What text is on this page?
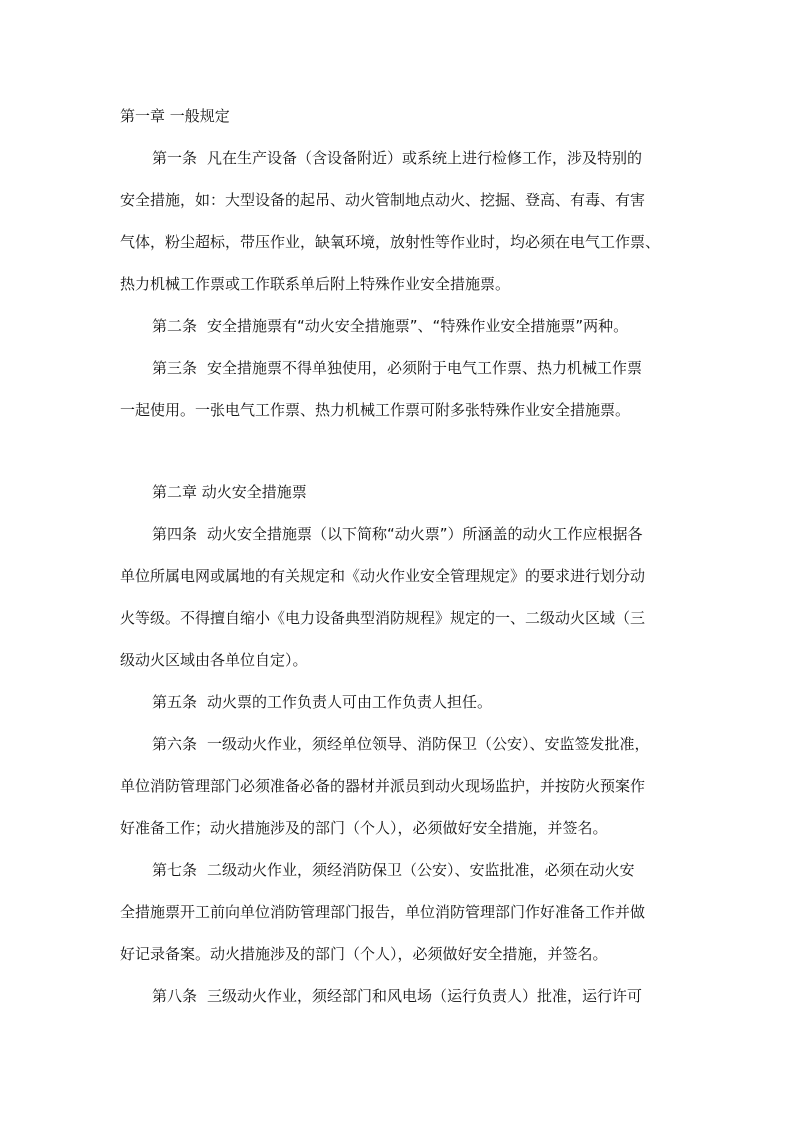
第一章 一般规定
第一条 凡在生产设备（含设备附近）或系统上进行检修工作，涉及特别的
安全措施，如：大型设备的起吊、动火管制地点动火、挖掘、登高、有毒、有害
气体，粉尘超标，带压作业，缺氧环境，放射性等作业时，均必须在电气工作票、
热力机械工作票或工作联系单后附上特殊作业安全措施票。
第二条 安全措施票有“动火安全措施票”、“特殊作业安全措施票”两种。
第三条 安全措施票不得单独使用，必须附于电气工作票、热力机械工作票
一起使用。一张电气工作票、热力机械工作票可附多张特殊作业安全措施票。
第二章 动火安全措施票
第四条 动火安全措施票（以下简称“动火票”）所涵盖的动火工作应根据各
单位所属电网或属地的有关规定和《动火作业安全管理规定》的要求进行划分动
火等级。不得擅自缩小《电力设备典型消防规程》规定的一、二级动火区域（三
级动火区域由各单位自定）。
第五条 动火票的工作负责人可由工作负责人担任。
第六条 一级动火作业，须经单位领导、消防保卫（公安）、安监签发批准，
单位消防管理部门必须准备必备的器材并派员到动火现场监护，并按防火预案作
好准备工作；动火措施涉及的部门（个人），必须做好安全措施，并签名。
第七条 二级动火作业，须经消防保卫（公安）、安监批准，必须在动火安
全措施票开工前向单位消防管理部门报告，单位消防管理部门作好准备工作并做
好记录备案。动火措施涉及的部门（个人），必须做好安全措施，并签名。
第八条 三级动火作业，须经部门和风电场（运行负责人）批准，运行许可
